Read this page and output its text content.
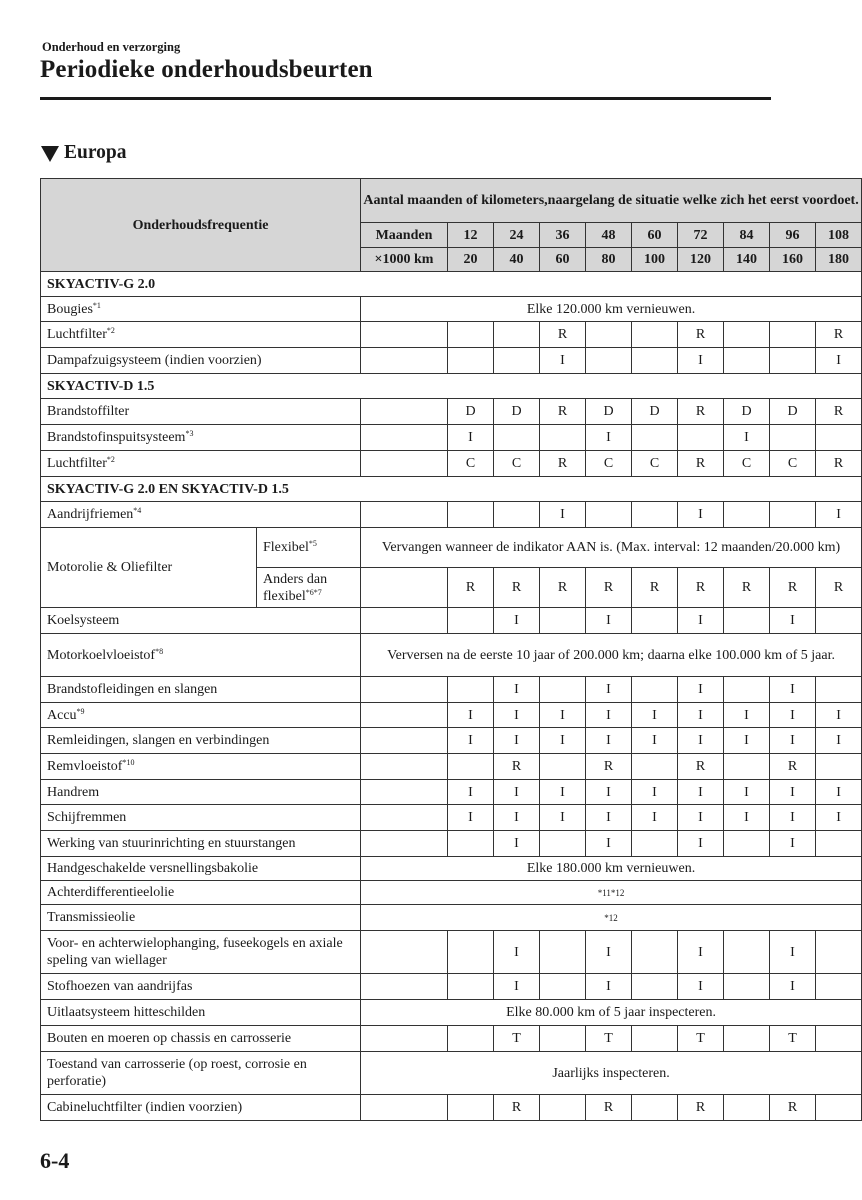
Onderhoud en verzorging
Periodieke onderhoudsbeurten
Europa
Onderhoudsfrequentie		Aantal maanden of kilometers,naargelang de situatie welke zich het eerst voordoet.									
		Maanden	12	24	36	48	60	72	84	96	108
		×1000 km	20	40	60	80	100	120	140	160	180
SKYACTIV-G 2.0											
Bougies$^{*1}$		Elke 120.000 km vernieuwen.									
Luchtfilter$^{*2}$					R			R			R
Dampafzuigsysteem (indien voorzien)					I			I			I
SKYACTIV-D 1.5											
Brandstoffilter			D	D	R	D	D	R	D	D	R
Brandstofinspuitsysteem$^{*3}$			I			I			I		
Luchtfilter$^{*2}$			C	C	R	C	C	R	C	C	R
SKYACTIV-G 2.0 EN SKYACTIV-D 1.5											
Aandrijfriemen$^{*4}$					I			I			I
Motorolie & Oliefilter	Flexibel$^{*5}$	Vervangen wanneer de indikator AAN is. (Max. interval: 12 maanden/20.000 km)									
	Anders dan flexibel$^{*6*7}$		R	R	R	R	R	R	R	R	R
Koelsysteem				I		I		I		I	
Motorkoelvloeistof$^{*8}$		Verversen na de eerste 10 jaar of 200.000 km; daarna elke 100.000 km of 5 jaar.									
Brandstofleidingen en slangen				I		I		I		I	
Accu$^{*9}$			I	I	I	I	I	I	I	I	I
Remleidingen, slangen en verbindingen			I	I	I	I	I	I	I	I	I
Remvloeistof$^{*10}$				R		R		R		R	
Handrem			I	I	I	I	I	I	I	I	I
Schijfremmen			I	I	I	I	I	I	I	I	I
Werking van stuurinrichting en stuurstangen				I		I		I		I	
Handgeschakelde versnellingsbakolie		Elke 180.000 km vernieuwen.									
Achterdifferentieelolie		*11*12									
Transmissieolie		*12									
Voor- en achterwielophanging, fuseekogels en axiale speling van wiellager				I		I		I		I	
Stofhoezen van aandrijfas				I		I		I		I	
Uitlaatsysteem hitteschilden		Elke 80.000 km of 5 jaar inspecteren.									
Bouten en moeren op chassis en carrosserie				T		T		T		T	
Toestand van carrosserie (op roest, corrosie en perforatie)		Jaarlijks inspecteren.									
Cabineluchtfilter (indien voorzien)				R		R		R		R	
6-4
